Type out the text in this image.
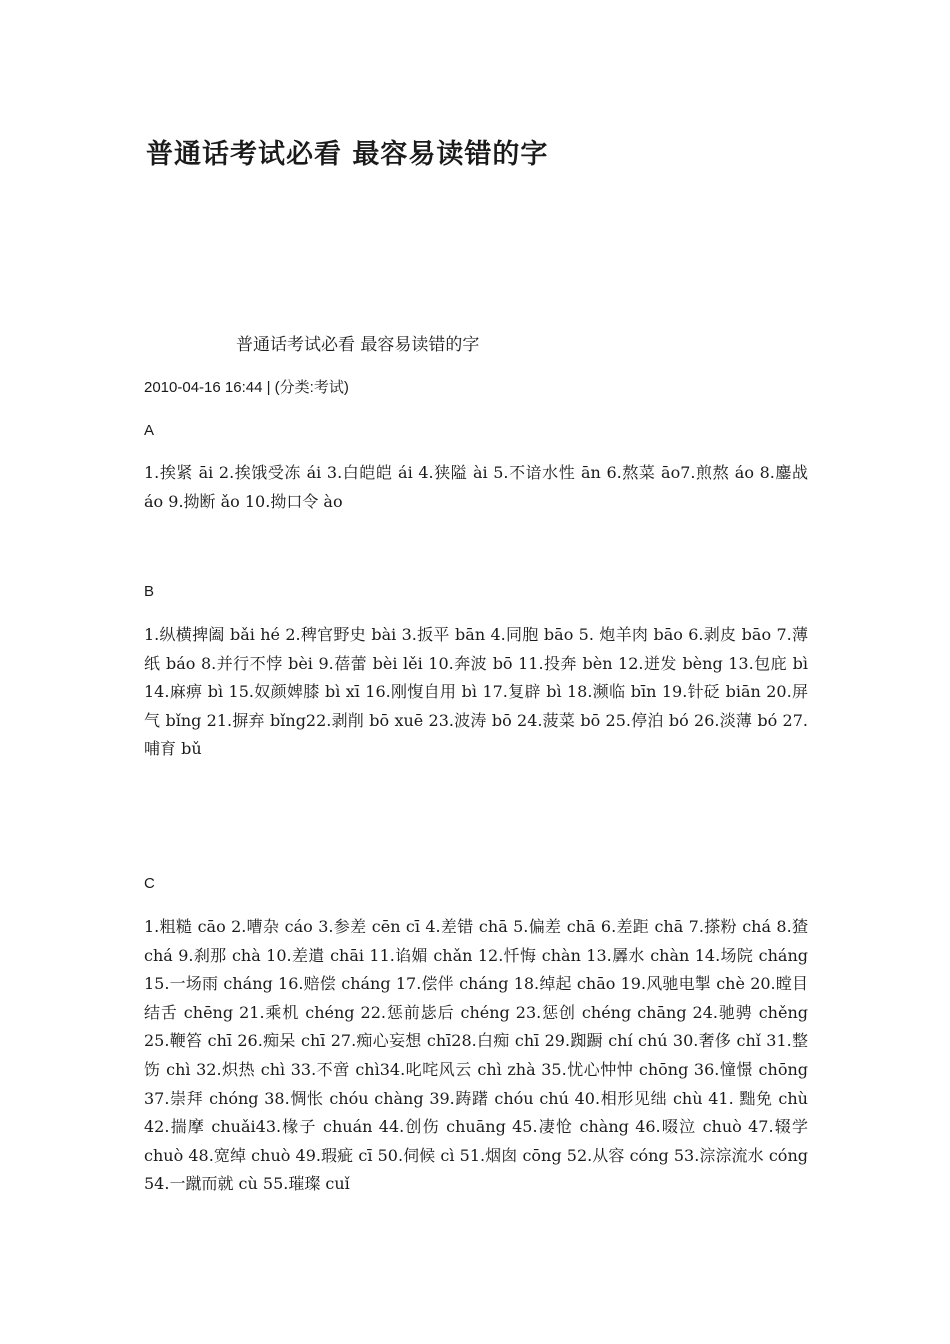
普通话考试必看 最容易读错的字

普通话考试必看 最容易读错的字

2010-04-16 16:44 | (分类:考试)
A

1.挨紧 āi 2.挨饿受冻 ái 3.白皑皑 ái 4.狭隘 ài 5.不谙水性 ān 6.熬菜 āo7.煎熬 áo 8.鏖战 áo 9.拗断 ǎo 10.拗口令 ào

B

1.纵横捭阖 bǎi hé 2.稗官野史 bài 3.扳平 bān 4.同胞 bāo 5. 炮羊肉 bāo 6.剥皮 bāo 7.薄纸 báo 8.并行不悖 bèi 9.蓓蕾 bèi lěi 10.奔波 bō 11.投奔 bèn 12.迸发 bèng 13.包庇 bì 14.麻痹 bì 15.奴颜婢膝 bì xī 16.刚愎自用 bì 17.复辟 bì 18.濒临 bīn 19.针砭 biān 20.屏气 bǐng 21.摒弃 bǐng22.剥削 bō xuē 23.波涛 bō 24.菠菜 bō 25.停泊 bó 26.淡薄 bó 27.哺育 bǔ

C

1.粗糙 cāo 2.嘈杂 cáo 3.参差 cēn cī 4.差错 chā 5.偏差 chā 6.差距 chā 7.搽粉 chá 8.猹 chá 9.刹那 chà 10.差遣 chāi 11.谄媚 chǎn 12.忏悔 chàn 13.羼水 chàn 14.场院 cháng 15.一场雨 cháng 16.赔偿 cháng 17.偿伴 cháng 18.绰起 chāo 19.风驰电掣 chè 20.瞠目结舌 chēng 21.乘机 chéng 22.惩前毖后 chéng 23.惩创 chéng chāng 24.驰骋 chěng 25.鞭笞 chī 26.痴呆 chī 27.痴心妄想 chī28.白痴 chī 29.踟蹰 chí chú 30.奢侈 chǐ 31.整饬 chì 32.炽热 chì 33.不啻 chì34.叱咤风云 chì zhà 35.忧心忡忡 chōng 36.憧憬 chōng 37.崇拜 chóng 38.惆怅 chóu chàng 39.踌躇 chóu chú 40.相形见绌 chù 41. 黜免 chù 42.揣摩 chuǎi43.椽子 chuán 44.创伤 chuāng 45.凄怆 chàng 46.啜泣 chuò 47.辍学 chuò 48.宽绰 chuò 49.瑕疵 cī 50.伺候 cì 51.烟囱 cōng 52.从容 cóng 53.淙淙流水 cóng 54.一蹴而就 cù 55.璀璨 cuǐ
